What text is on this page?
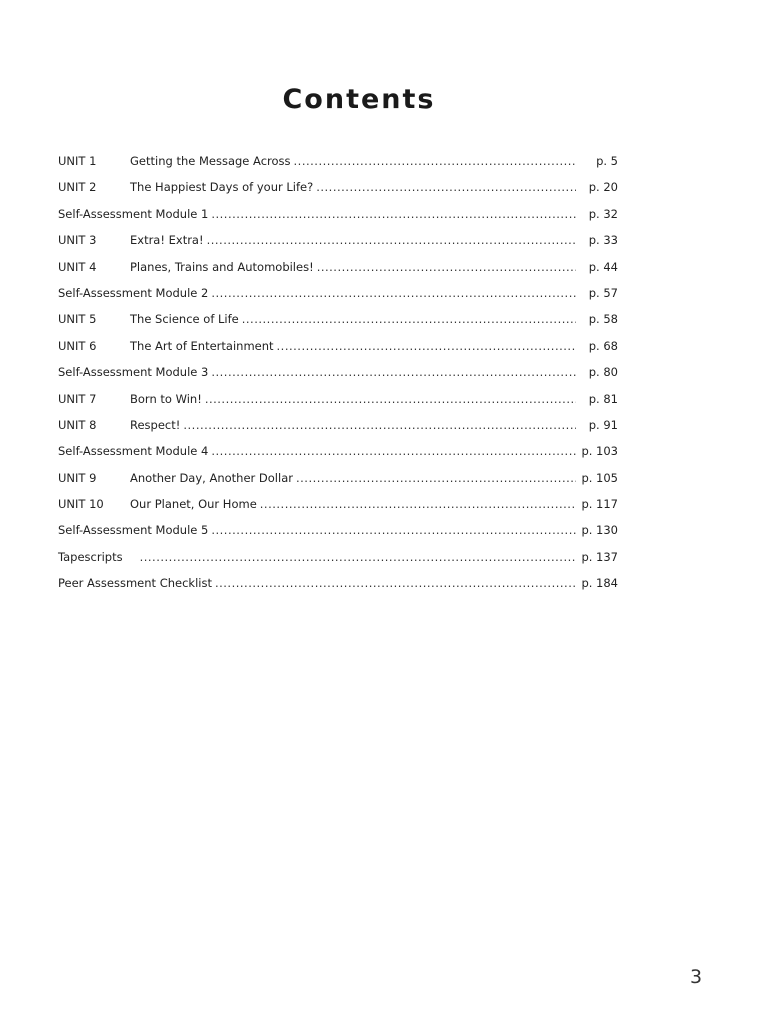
Contents
UNIT 1	Getting the Message Across .....	p. 5
UNIT 2	The Happiest Days of your Life? .....	p. 20
Self-Assessment Module 1 .....	p. 32
UNIT 3	Extra! Extra! .....	p. 33
UNIT 4	Planes, Trains and Automobiles! .....	p. 44
Self-Assessment Module 2 .....	p. 57
UNIT 5	The Science of Life .....	p. 58
UNIT 6	The Art of Entertainment .....	p. 68
Self-Assessment Module 3 .....	p. 80
UNIT 7	Born to Win! .....	p. 81
UNIT 8	Respect! .....	p. 91
Self-Assessment Module 4 .....	p. 103
UNIT 9	Another Day, Another Dollar .....	p. 105
UNIT 10	Our Planet, Our Home .....	p. 117
Self-Assessment Module 5 .....	p. 130
Tapescripts .....	p. 137
Peer Assessment Checklist .....	p. 184
3
